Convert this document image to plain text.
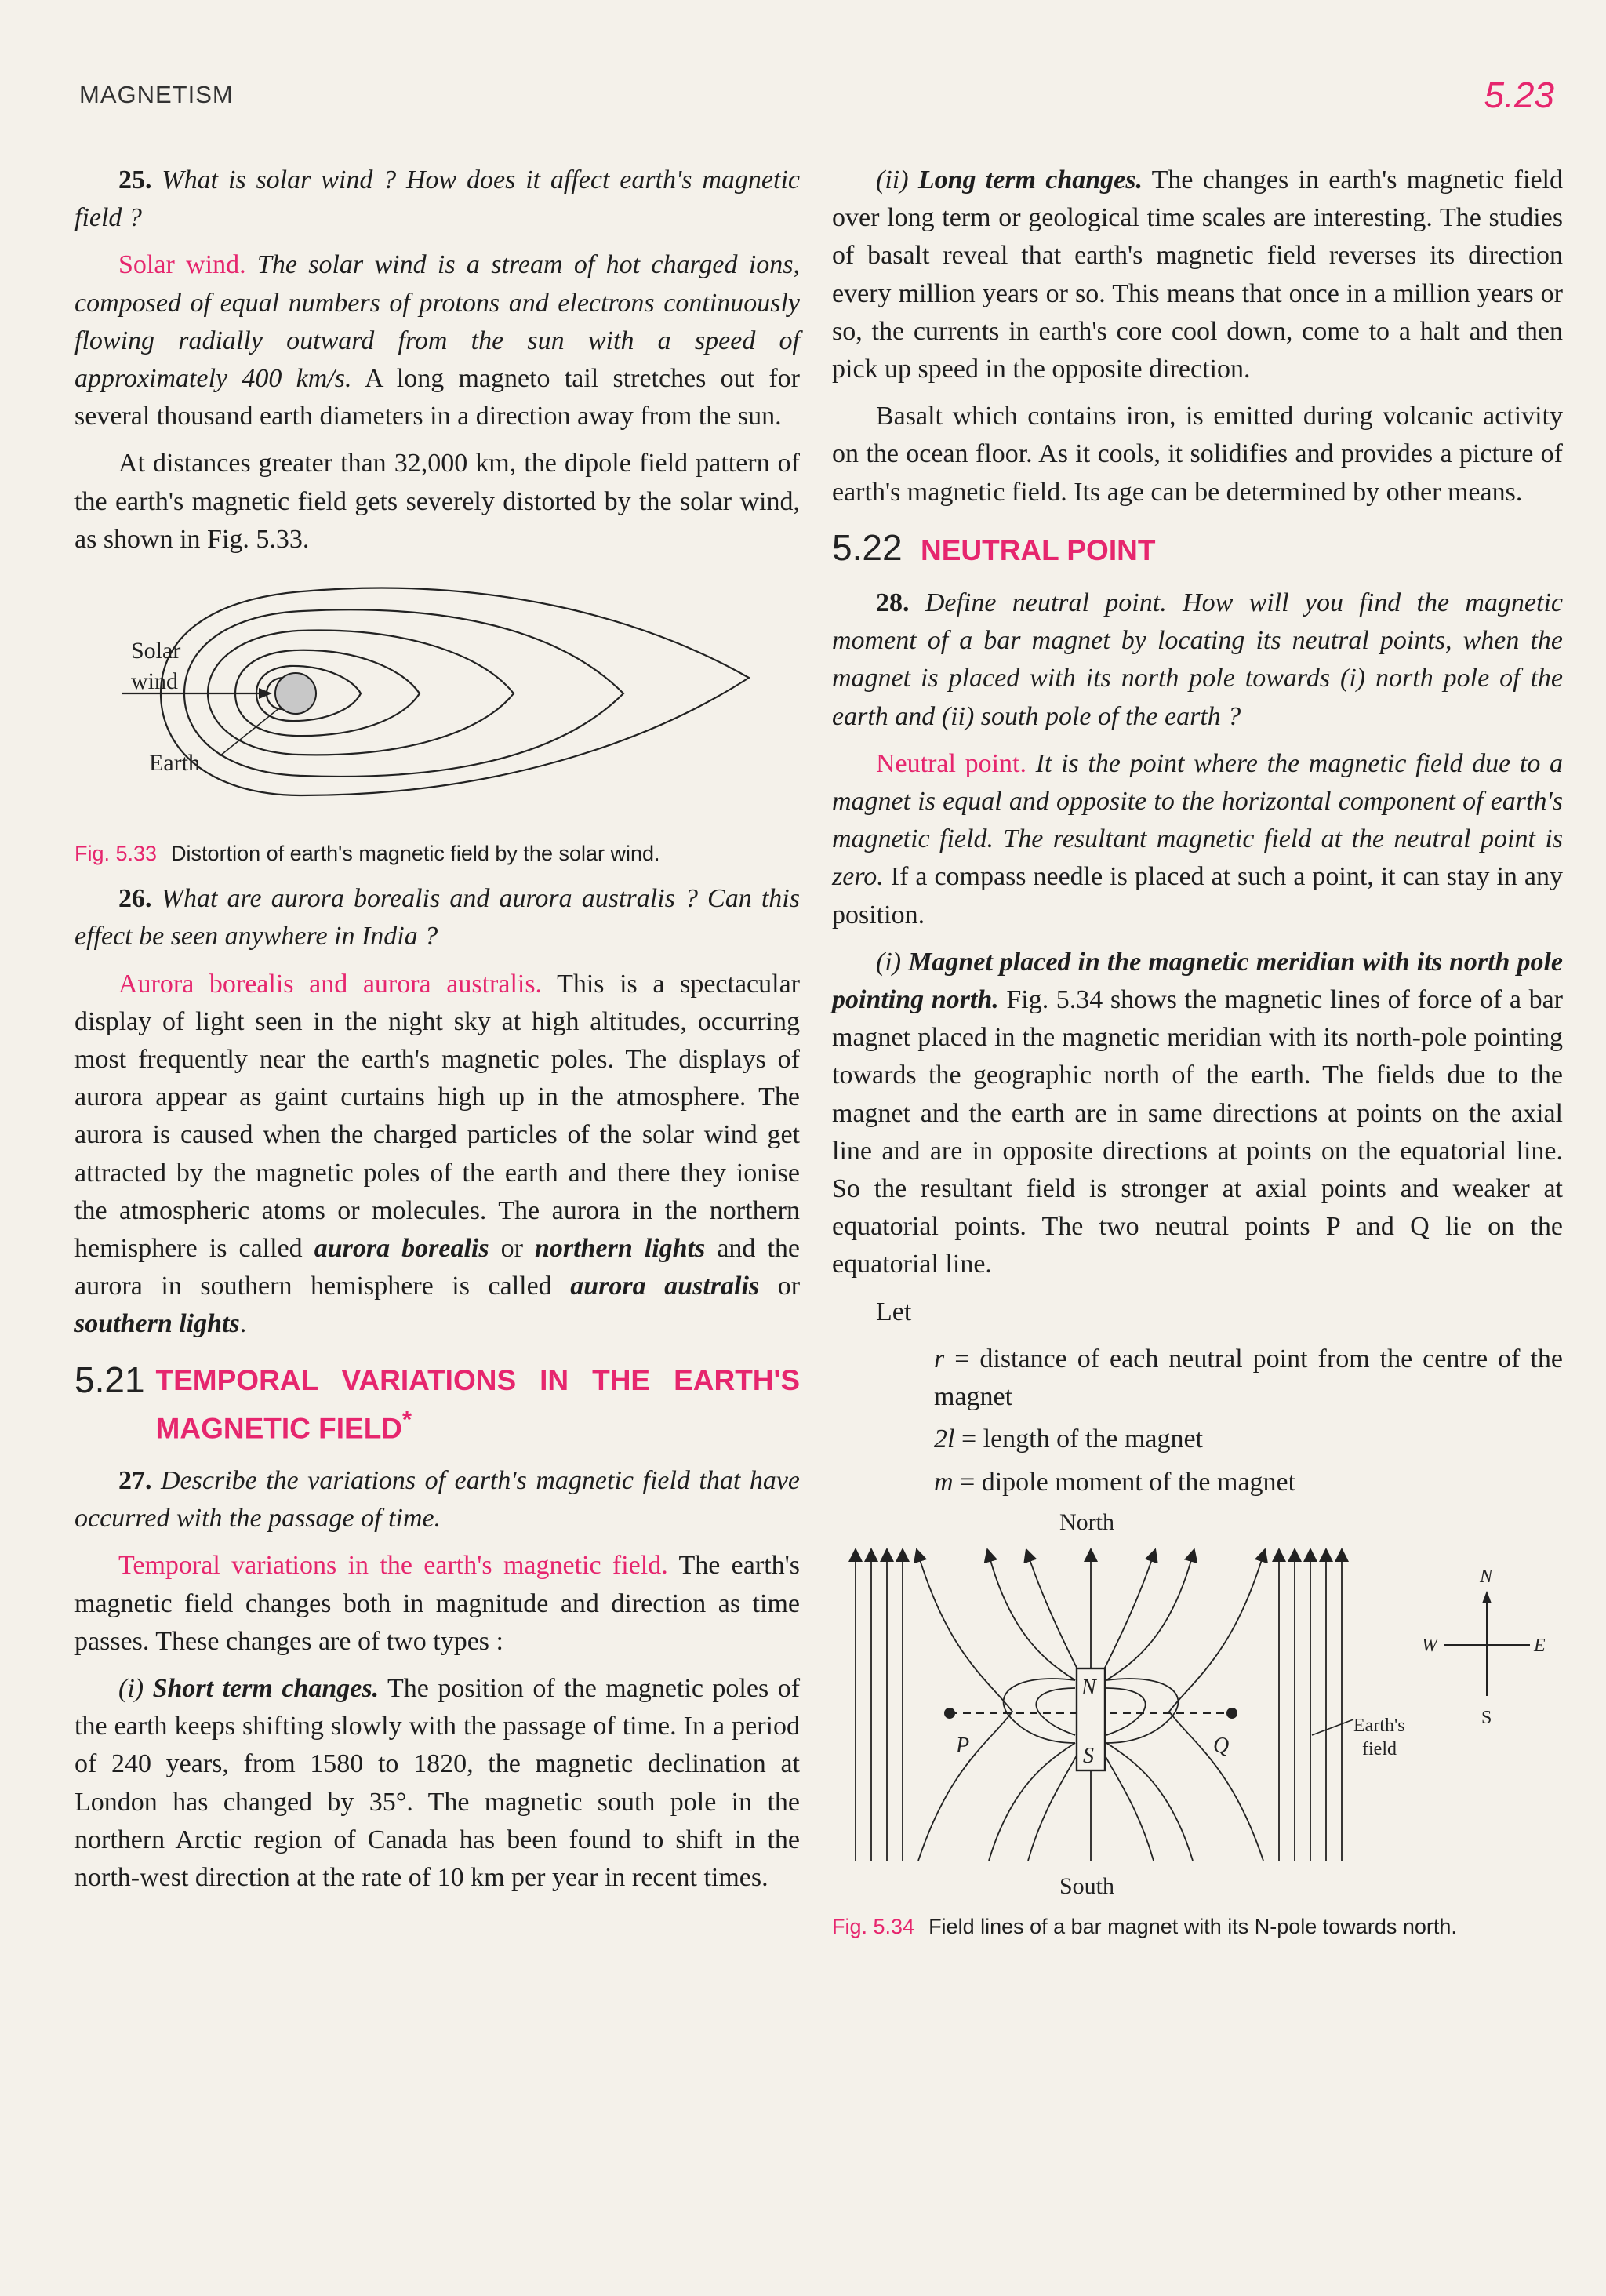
MAGNETISM	5.23

25. What is solar wind ? How does it affect earth's magnetic field ?

Solar wind. The solar wind is a stream of hot charged ions, composed of equal numbers of protons and electrons continuously flowing radially outward from the sun with a speed of approximately 400 km/s. A long magneto tail stretches out for several thousand earth diameters in a direction away from the sun.

At distances greater than 32,000 km, the dipole field pattern of the earth's magnetic field gets severely distorted by the solar wind, as shown in Fig. 5.33.

Solar
wind
Earth
Fig. 5.33 Distortion of earth's magnetic field by the solar wind.

26. What are aurora borealis and aurora australis ? Can this effect be seen anywhere in India ?

Aurora borealis and aurora australis. This is a spectacular display of light seen in the night sky at high altitudes, occurring most frequently near the earth's magnetic poles. The displays of aurora appear as gaint curtains high up in the atmosphere. The aurora is caused when the charged particles of the solar wind get attracted by the magnetic poles of the earth and there they ionise the atmospheric atoms or molecules. The aurora in the northern hemisphere is called aurora borealis or northern lights and the aurora in southern hemisphere is called aurora australis or southern lights.

5.21 TEMPORAL VARIATIONS IN THE EARTH'S MAGNETIC FIELD*

27. Describe the variations of earth's magnetic field that have occurred with the passage of time.

Temporal variations in the earth's magnetic field. The earth's magnetic field changes both in magnitude and direction as time passes. These changes are of two types :

(i) Short term changes. The position of the magnetic poles of the earth keeps shifting slowly with the passage of time. In a period of 240 years, from 1580 to 1820, the magnetic declination at London has changed by 35°. The magnetic south pole in the northern Arctic region of Canada has been found to shift in the north-west direction at the rate of 10 km per year in recent times.

(ii) Long term changes. The changes in earth's magnetic field over long term or geological time scales are interesting. The studies of basalt reveal that earth's magnetic field reverses its direction every million years or so. This means that once in a million years or so, the currents in earth's core cool down, come to a halt and then pick up speed in the opposite direction.

Basalt which contains iron, is emitted during volcanic activity on the ocean floor. As it cools, it solidifies and provides a picture of earth's magnetic field. Its age can be determined by other means.

5.22 NEUTRAL POINT

28. Define neutral point. How will you find the magnetic moment of a bar magnet by locating its neutral points, when the magnet is placed with its north pole towards (i) north pole of the earth and (ii) south pole of the earth ?

Neutral point. It is the point where the magnetic field due to a magnet is equal and opposite to the horizontal component of earth's magnetic field. The resultant magnetic field at the neutral point is zero. If a compass needle is placed at such a point, it can stay in any position.

(i) Magnet placed in the magnetic meridian with its north pole pointing north. Fig. 5.34 shows the magnetic lines of force of a bar magnet placed in the magnetic meridian with its north-pole pointing towards the geographic north of the earth. The fields due to the magnet and the earth are in same directions at points on the axial line and are in opposite directions at points on the equatorial line. So the resultant field is stronger at axial points and weaker at equatorial points. The two neutral points P and Q lie on the equatorial line.

Let

r = distance of each neutral point from the centre of the magnet
2l = length of the magnet
m = dipole moment of the magnet
North
South
N
S
P	Q
Earth's
field
N
S
E
W
Fig. 5.34 Field lines of a bar magnet with its N-pole towards north.
